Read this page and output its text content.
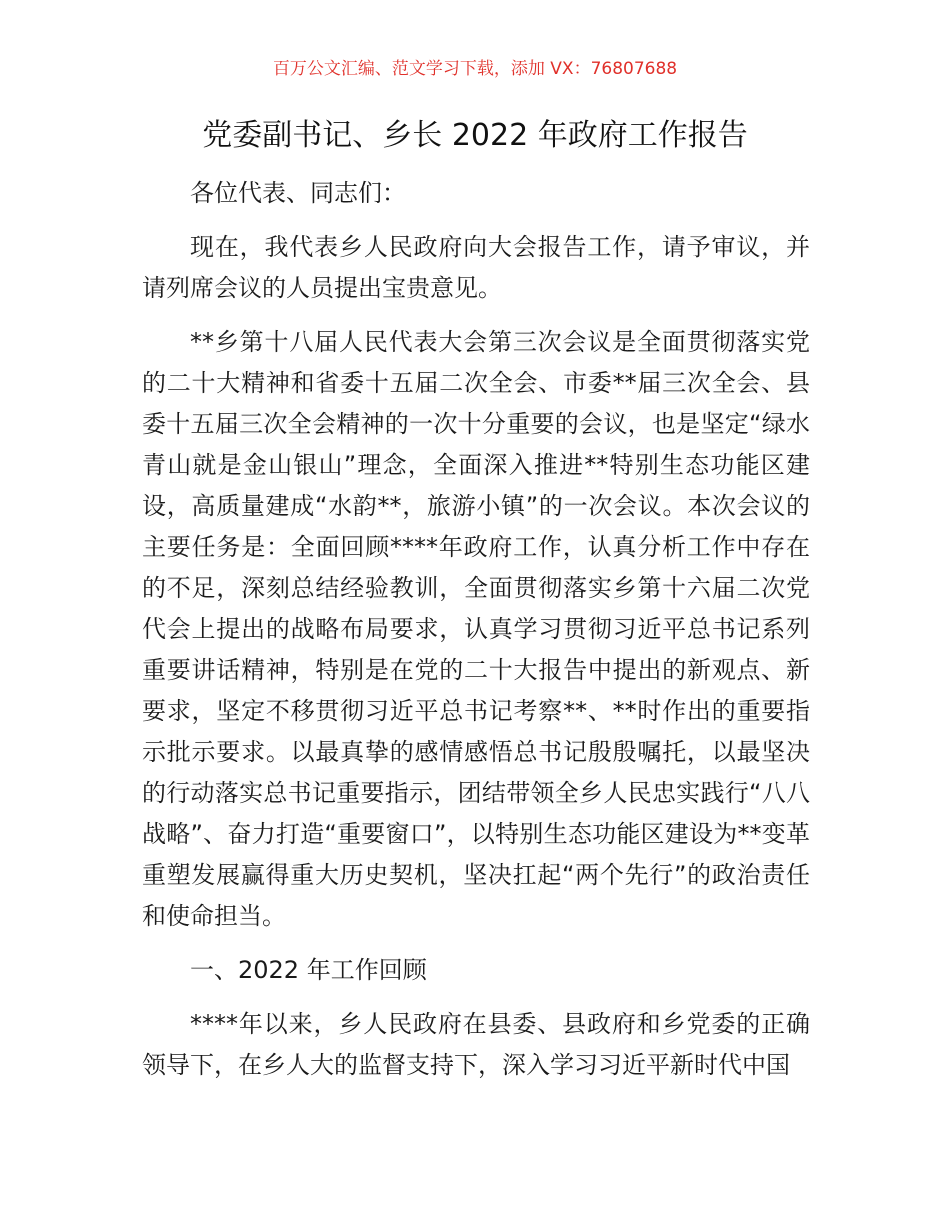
百万公文汇编、范文学习下载，添加 VX：76807688
党委副书记、乡长 2022 年政府工作报告

各位代表、同志们：

现在，我代表乡人民政府向大会报告工作，请予审议，并请列席会议的人员提出宝贵意见。

**乡第十八届人民代表大会第三次会议是全面贯彻落实党的二十大精神和省委十五届二次全会、市委**届三次全会、县委十五届三次全会精神的一次十分重要的会议，也是坚定“绿水青山就是金山银山”理念，全面深入推进**特别生态功能区建设，高质量建成“水韵**，旅游小镇”的一次会议。本次会议的主要任务是：全面回顾****年政府工作，认真分析工作中存在的不足，深刻总结经验教训，全面贯彻落实乡第十六届二次党代会上提出的战略布局要求，认真学习贯彻习近平总书记系列重要讲话精神，特别是在党的二十大报告中提出的新观点、新要求，坚定不移贯彻习近平总书记考察**、**时作出的重要指示批示要求。以最真挚的感情感悟总书记殷殷嘱托，以最坚决的行动落实总书记重要指示，团结带领全乡人民忠实践行“八八战略”、奋力打造“重要窗口”，以特别生态功能区建设为**变革重塑发展赢得重大历史契机，坚决扛起“两个先行”的政治责任和使命担当。

一、2022 年工作回顾

****年以来，乡人民政府在县委、县政府和乡党委的正确领导下，在乡人大的监督支持下，深入学习习近平新时代中国
